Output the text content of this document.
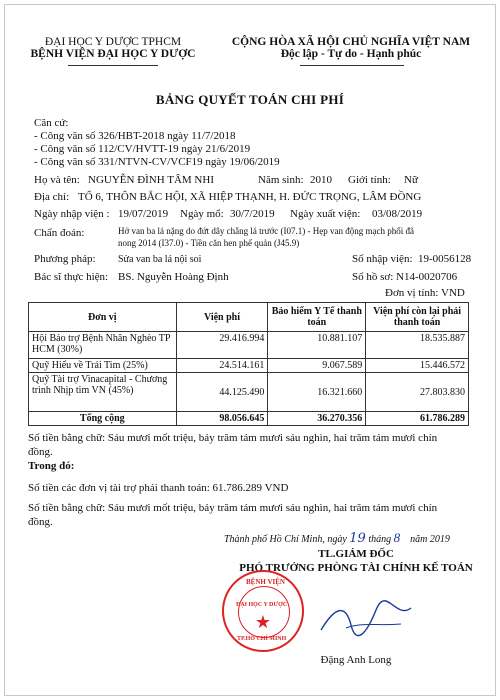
ĐẠI HỌC Y DƯỢC TPHCM
BỆNH VIỆN ĐẠI HỌC Y DƯỢC
CỘNG HÒA XÃ HỘI CHỦ NGHĨA VIỆT NAM
Độc lập - Tự do - Hạnh phúc
BẢNG QUYẾT TOÁN CHI PHÍ
Căn cứ:
- Công văn số 326/HBT-2018 ngày 11/7/2018
- Công văn số 112/CV/HVTT-19 ngày 21/6/2019
- Công văn số 331/NTVN-CV/VCF19 ngày 19/06/2019
Họ và tên: NGUYỄN ĐÌNH TÂM NHI	Năm sinh: 2010 Giới tính: Nữ
Địa chỉ: TỔ 6, THÔN BẮC HỘI, XÃ HIỆP THẠNH, H. ĐỨC TRỌNG, LÂM ĐỒNG
Ngày nhập viện : 19/07/2019 Ngày mổ: 30/7/2019 Ngày xuất viện: 03/08/2019
Chẩn đoán:	Hở van ba lá nặng do đứt dây chằng lá trước (I07.1) - Hẹp van động mạch phổi đã
nong 2014 (I37.0) - Tiền căn hen phế quản (J45.9)
Phương pháp: Sửa van ba lá nội soi	Số nhập viện: 19-0056128
Bác sĩ thực hiện: BS. Nguyễn Hoàng Định	Số hồ sơ: N14-0020706
Đơn vị tính: VND
Đơn vị	Viện phí	Bảo hiểm Y Tế thanh toán	Viện phí còn lại phải thanh toán
Hội Bảo trợ Bệnh Nhân Nghèo TP HCM (30%)	29.416.994	10.881.107	18.535.887
Quỹ Hiểu về Trái Tim (25%)	24.514.161	9.067.589	15.446.572
Quỹ Tài trợ Vinacapital - Chương trình Nhịp tim VN (45%)	44.125.490	16.321.660	27.803.830
Tổng cộng	98.056.645	36.270.356	61.786.289
Số tiền bằng chữ: Sáu mươi mốt triệu, bảy trăm tám mươi sáu nghìn, hai trăm tám mươi chín
đồng.
Trong đó:
Số tiền các đơn vị tài trợ phải thanh toán: 61.786.289 VND
Số tiền bằng chữ: Sáu mươi mốt triệu, bảy trăm tám mươi sáu nghìn, hai trăm tám mươi chín
đồng.
Thành phố Hồ Chí Minh, ngày 19 tháng 8 năm 2019
TL.GIÁM ĐỐC
PHÓ TRƯỞNG PHÒNG TÀI CHÍNH KẾ TOÁN
BỆNH VIỆN
ĐẠI HỌC Y DƯỢC
TP.HỒ CHÍ MINH
★
Đặng Anh Long
